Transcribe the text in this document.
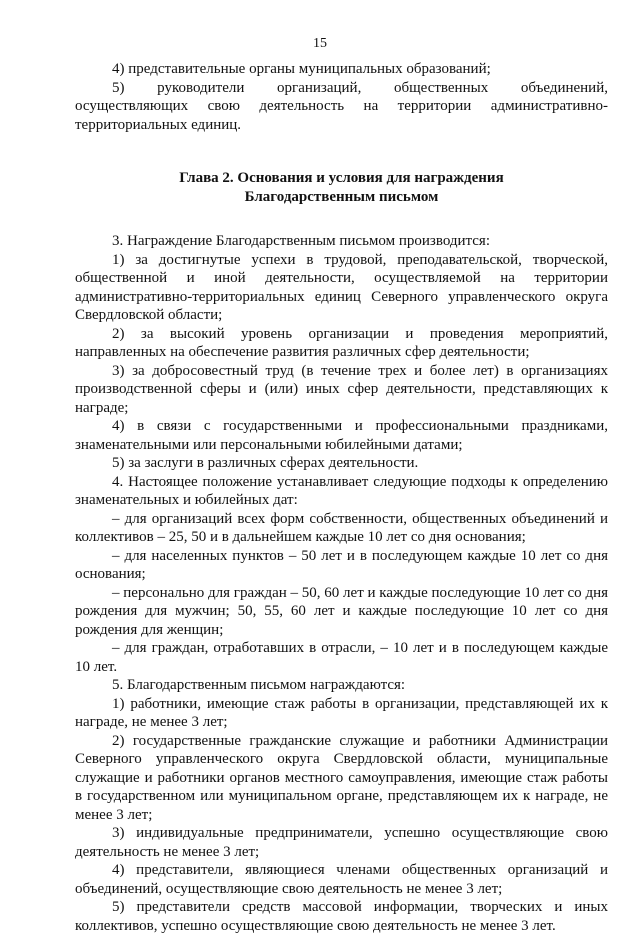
15

4) представительные органы муниципальных образований;

5) руководители организаций, общественных объединений, осуществляющих свою деятельность на территории административно-территориальных единиц.

Глава 2. Основания и условия для награждения
Благодарственным письмом

3. Награждение Благодарственным письмом производится:

1) за достигнутые успехи в трудовой, преподавательской, творческой, общественной и иной деятельности, осуществляемой на территории административно-территориальных единиц Северного управленческого округа Свердловской области;

2) за высокий уровень организации и проведения мероприятий, направленных на обеспечение развития различных сфер деятельности;

3) за добросовестный труд (в течение трех и более лет) в организациях производственной сферы и (или) иных сфер деятельности, представляющих к награде;

4) в связи с государственными и профессиональными праздниками, знаменательными или персональными юбилейными датами;

5) за заслуги в различных сферах деятельности.

4. Настоящее положение устанавливает следующие подходы к определению знаменательных и юбилейных дат:

– для организаций всех форм собственности, общественных объединений и коллективов – 25, 50 и в дальнейшем каждые 10 лет со дня основания;

– для населенных пунктов – 50 лет и в последующем каждые 10 лет со дня основания;

– персонально для граждан – 50, 60 лет и каждые последующие 10 лет со дня рождения для мужчин; 50, 55, 60 лет и каждые последующие 10 лет со дня рождения для женщин;

– для граждан, отработавших в отрасли, – 10 лет и в последующем каждые 10 лет.

5. Благодарственным письмом награждаются:

1) работники, имеющие стаж работы в организации, представляющей их к награде, не менее 3 лет;

2) государственные гражданские служащие и работники Администрации Северного управленческого округа Свердловской области, муниципальные служащие и работники органов местного самоуправления, имеющие стаж работы в государственном или муниципальном органе, представляющем их к награде, не менее 3 лет;

3) индивидуальные предприниматели, успешно осуществляющие свою деятельность не менее 3 лет;

4) представители, являющиеся членами общественных организаций и объединений, осуществляющие свою деятельность не менее 3 лет;

5) представители средств массовой информации, творческих и иных коллективов, успешно осуществляющие свою деятельность не менее 3 лет.
